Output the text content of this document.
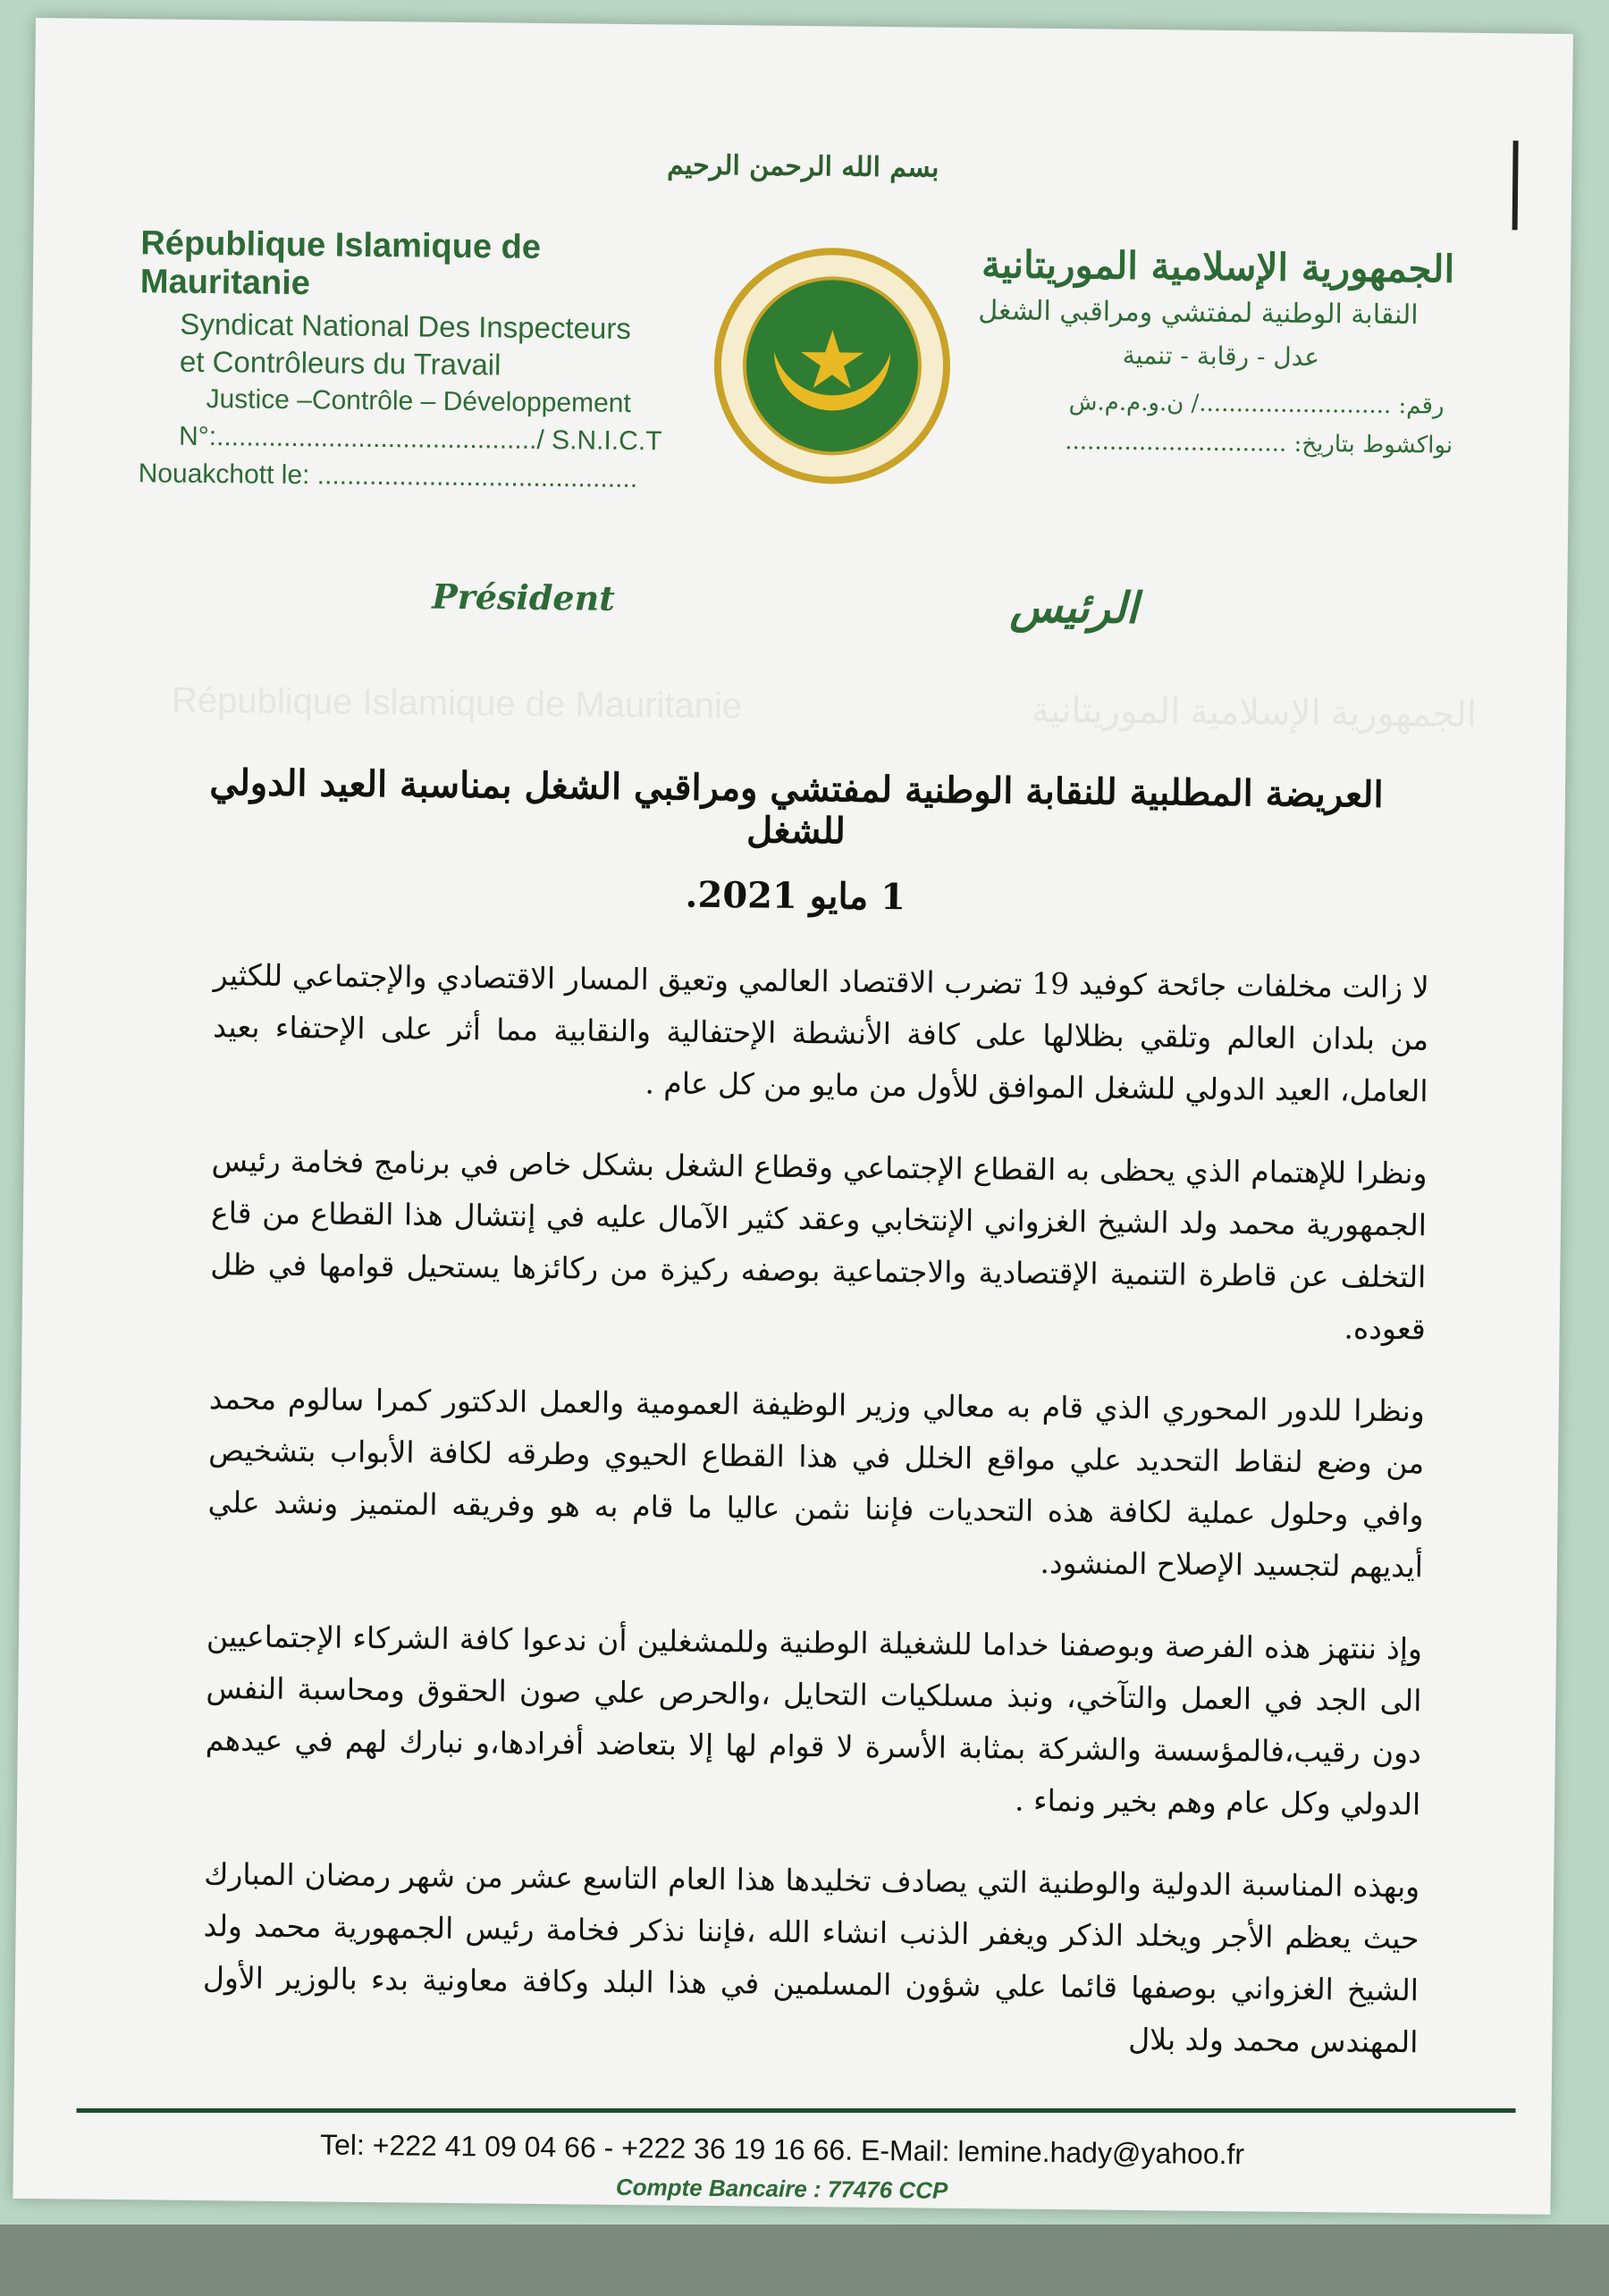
بسم الله الرحمن الرحيم
République Islamique de Mauritanie
Syndicat National Des Inspecteurs
et Contrôleurs du Travail
Justice –Contrôle – Développement
N°:.........................................../ S.N.I.C.T
Nouakchott le: ...........................................
الجمهورية الإسلامية الموريتانية
النقابة الوطنية لمفتشي ومراقبي الشغل
عدل - رقابة - تنمية
رقم: ........................../ ن.و.م.م.ش
نواكشوط بتاريخ: ..............................
Président	الرئيس
République Islamique de Mauritanie	الجمهورية الإسلامية الموريتانية
العريضة المطلبية للنقابة الوطنية لمفتشي ومراقبي الشغل بمناسبة العيد الدولي للشغل
1 مايو 2021.

لا زالت مخلفات جائحة كوفيد 19 تضرب الاقتصاد العالمي وتعيق المسار الاقتصادي والإجتماعي للكثير من بلدان العالم وتلقي بظلالها على كافة الأنشطة الإحتفالية والنقابية مما أثر على الإحتفاء بعيد العامل، العيد الدولي للشغل الموافق للأول من مايو من كل عام .

ونظرا للإهتمام الذي يحظى به القطاع الإجتماعي وقطاع الشغل بشكل خاص في برنامج فخامة رئيس الجمهورية محمد ولد الشيخ الغزواني الإنتخابي وعقد كثير الآمال عليه في إنتشال هذا القطاع من قاع التخلف عن قاطرة التنمية الإقتصادية والاجتماعية بوصفه ركيزة من ركائزها يستحيل قوامها في ظل قعوده.

ونظرا للدور المحوري الذي قام به معالي وزير الوظيفة العمومية والعمل الدكتور كمرا سالوم محمد من وضع لنقاط التحديد علي مواقع الخلل في هذا القطاع الحيوي وطرقه لكافة الأبواب بتشخيص وافي وحلول عملية لكافة هذه التحديات فإننا نثمن عاليا ما قام به هو وفريقه المتميز ونشد علي أيديهم لتجسيد الإصلاح المنشود.

وإذ ننتهز هذه الفرصة وبوصفنا خداما للشغيلة الوطنية وللمشغلين أن ندعوا كافة الشركاء الإجتماعيين الى الجد في العمل والتآخي، ونبذ مسلكيات التحايل ،والحرص علي صون الحقوق ومحاسبة النفس دون رقيب،فالمؤسسة والشركة بمثابة الأسرة لا قوام لها إلا بتعاضد أفرادها،و نبارك لهم في عيدهم الدولي وكل عام وهم بخير ونماء .

وبهذه المناسبة الدولية والوطنية التي يصادف تخليدها هذا العام التاسع عشر من شهر رمضان المبارك حيث يعظم الأجر ويخلد الذكر ويغفر الذنب انشاء الله ،فإننا نذكر فخامة رئيس الجمهورية محمد ولد الشيخ الغزواني بوصفها قائما علي شؤون المسلمين في هذا البلد وكافة معاونية بدء بالوزير الأول المهندس محمد ولد بلال

Tel: +222 41 09 04 66 - +222 36 19 16 66. E-Mail: lemine.hady@yahoo.fr
Compte Bancaire : 77476 CCP
